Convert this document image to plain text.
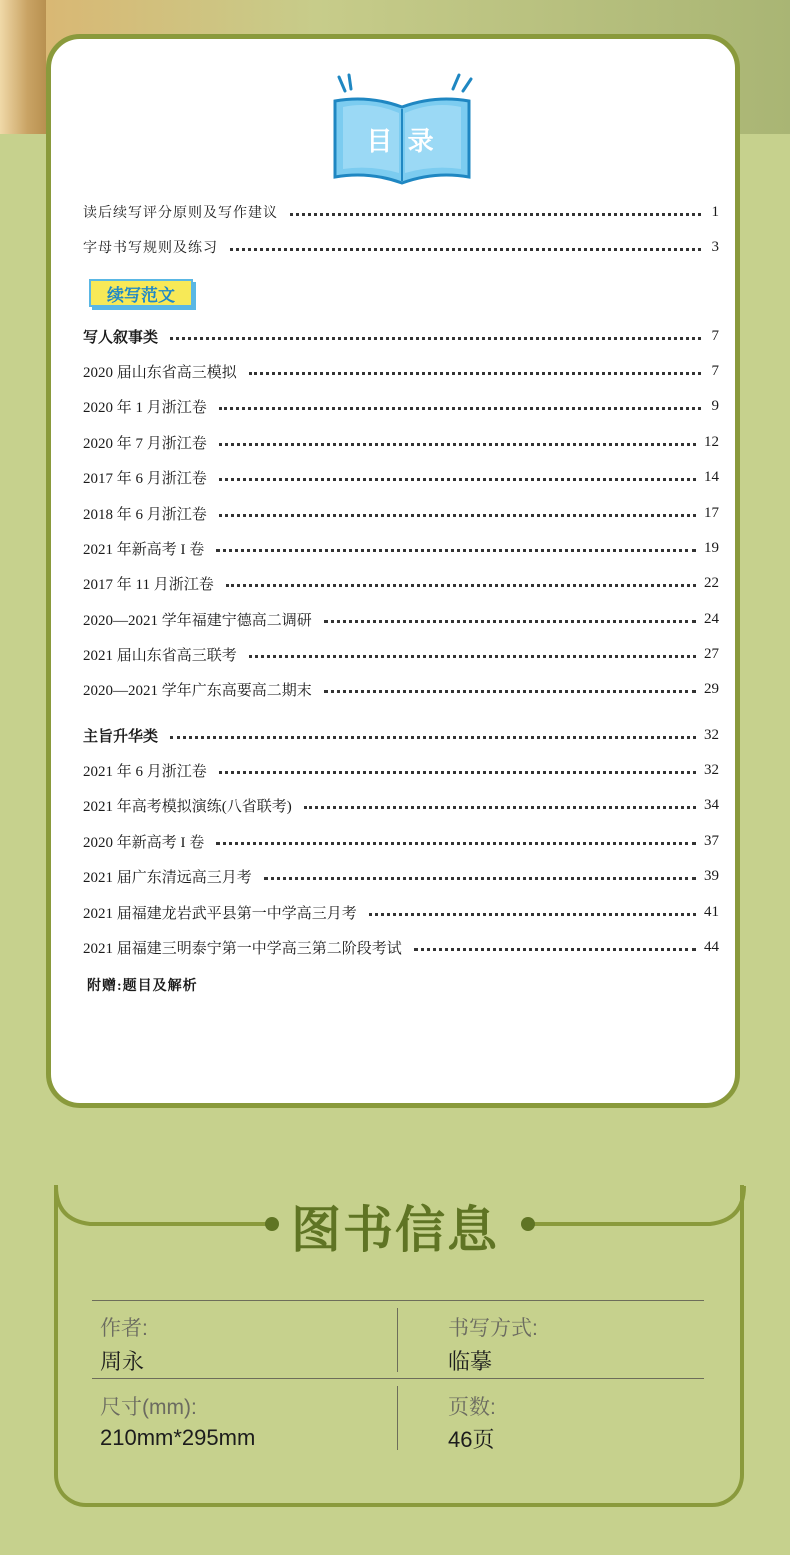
目 录
读后续写评分原则及写作建议	1
字母书写规则及练习	3
续写范文
写人叙事类	7
2020 届山东省高三模拟	7
2020 年 1 月浙江卷	9
2020 年 7 月浙江卷	12
2017 年 6 月浙江卷	14
2018 年 6 月浙江卷	17
2021 年新高考 I 卷	19
2017 年 11 月浙江卷	22
2020—2021 学年福建宁德高二调研	24
2021 届山东省高三联考	27
2020—2021 学年广东高要高二期末	29
主旨升华类	32
2021 年 6 月浙江卷	32
2021 年高考模拟演练(八省联考)	34
2020 年新高考 I 卷	37
2021 届广东清远高三月考	39
2021 届福建龙岩武平县第一中学高三月考	41
2021 届福建三明泰宁第一中学高三第二阶段考试	44
附赠:题目及解析
图书信息
作者:
周永
书写方式:
临摹
尺寸(mm):
210mm*295mm
页数:
46页
